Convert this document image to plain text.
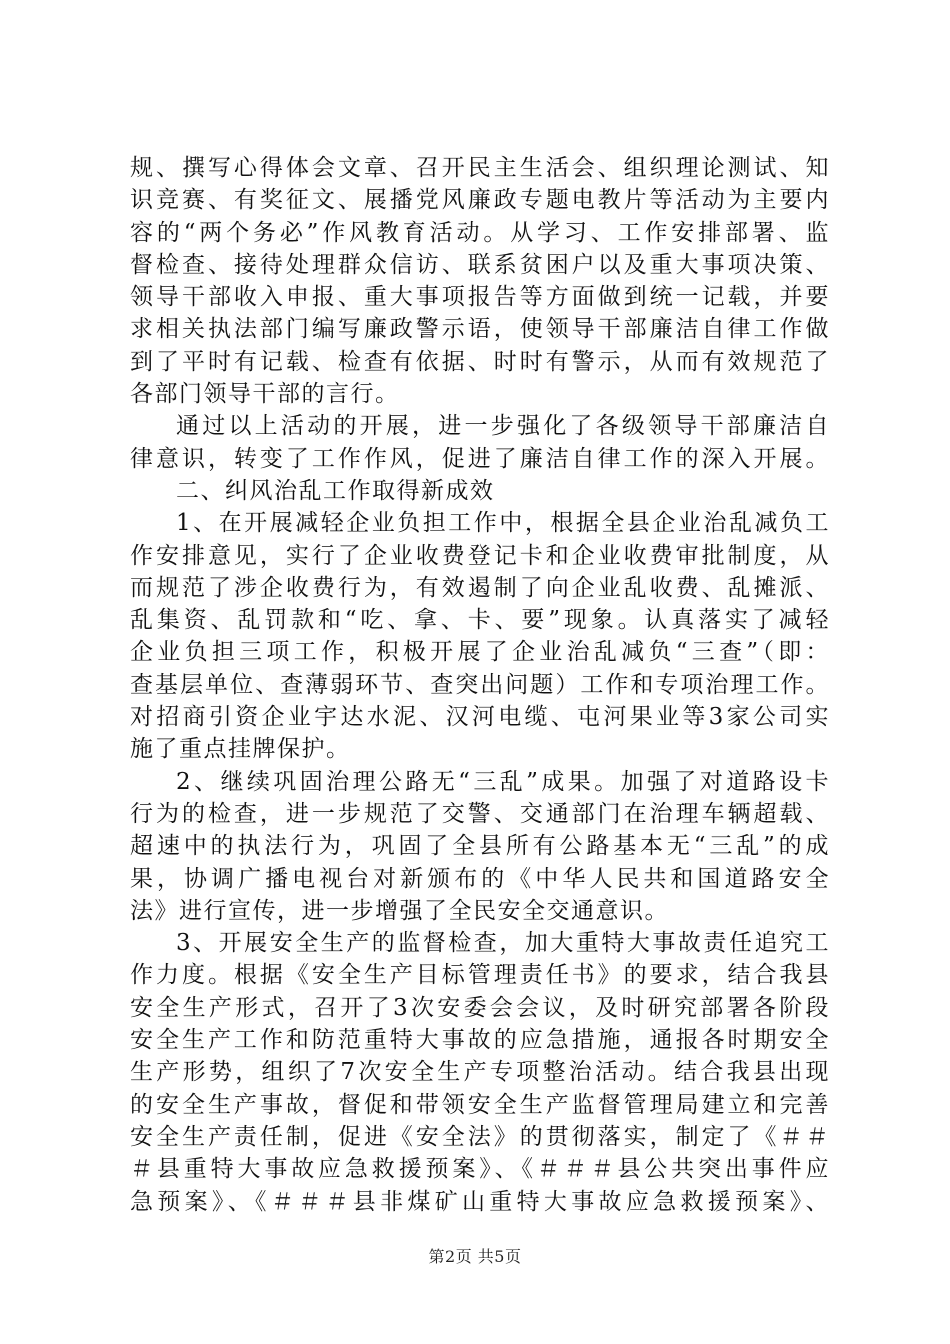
规、撰写心得体会文章、召开民主生活会、组织理论测试、知
识竞赛、有奖征文、展播党风廉政专题电教片等活动为主要内
容的“两个务必”作风教育活动。从学习、工作安排部署、监
督检查、接待处理群众信访、联系贫困户以及重大事项决策、
领导干部收入申报、重大事项报告等方面做到统一记载，并要
求相关执法部门编写廉政警示语，使领导干部廉洁自律工作做
到了平时有记载、检查有依据、时时有警示，从而有效规范了
各部门领导干部的言行。
通过以上活动的开展，进一步强化了各级领导干部廉洁自
律意识，转变了工作作风，促进了廉洁自律工作的深入开展。
二、纠风治乱工作取得新成效
1、在开展减轻企业负担工作中，根据全县企业治乱减负工
作安排意见，实行了企业收费登记卡和企业收费审批制度，从
而规范了涉企收费行为，有效遏制了向企业乱收费、乱摊派、
乱集资、乱罚款和“吃、拿、卡、要”现象。认真落实了减轻
企业负担三项工作，积极开展了企业治乱减负“三查”（即：
查基层单位、查薄弱环节、查突出问题）工作和专项治理工作。
对招商引资企业宇达水泥、汉河电缆、屯河果业等3家公司实
施了重点挂牌保护。
2、继续巩固治理公路无“三乱”成果。加强了对道路设卡
行为的检查，进一步规范了交警、交通部门在治理车辆超载、
超速中的执法行为，巩固了全县所有公路基本无“三乱”的成
果，协调广播电视台对新颁布的《中华人民共和国道路安全
法》进行宣传，进一步增强了全民安全交通意识。
3、开展安全生产的监督检查，加大重特大事故责任追究工
作力度。根据《安全生产目标管理责任书》的要求，结合我县
安全生产形式，召开了3次安委会会议，及时研究部署各阶段
安全生产工作和防范重特大事故的应急措施，通报各时期安全
生产形势，组织了7次安全生产专项整治活动。结合我县出现
的安全生产事故，督促和带领安全生产监督管理局建立和完善
安全生产责任制，促进《安全法》的贯彻落实，制定了《＃＃
＃县重特大事故应急救援预案》、《＃＃＃县公共突出事件应
急预案》、《＃＃＃县非煤矿山重特大事故应急救援预案》、
第2页 共5页
